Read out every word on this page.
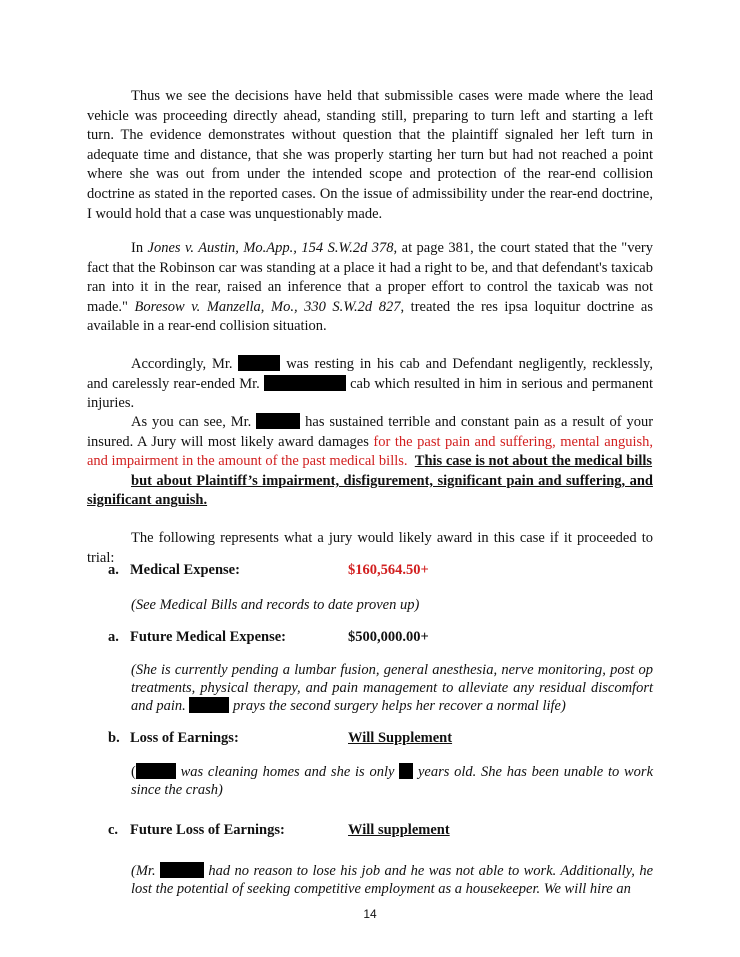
Thus we see the decisions have held that submissible cases were made where the lead vehicle was proceeding directly ahead, standing still, preparing to turn left and starting a left turn. The evidence demonstrates without question that the plaintiff signaled her left turn in adequate time and distance, that she was properly starting her turn but had not reached a point where she was out from under the intended scope and protection of the rear-end collision doctrine as stated in the reported cases. On the issue of admissibility under the rear-end doctrine, I would hold that a case was unquestionably made.

In Jones v. Austin, Mo.App., 154 S.W.2d 378, at page 381, the court stated that the "very fact that the Robinson car was standing at a place it had a right to be, and that defendant's taxicab ran into it in the rear, raised an inference that a proper effort to control the taxicab was not made." Boresow v. Manzella, Mo., 330 S.W.2d 827, treated the res ipsa loquitur doctrine as available in a rear-end collision situation.

Accordingly, Mr.	was resting in his cab and Defendant negligently, recklessly, and carelessly rear-ended Mr.	cab which resulted in him in serious and permanent injuries.

As you can see, Mr.	has sustained terrible and constant pain as a result of your insured. A Jury will most likely award damages for the past pain and suffering, mental anguish, and impairment in the amount of the past medical bills. This case is not about the medical bills
but about Plaintiff’s impairment, disfigurement, significant pain and suffering, and
significant anguish.

The following represents what a jury would likely award in this case if it proceeded to trial:

a. Medical Expense:	$160,564.50+

(See Medical Bills and records to date proven up)

a. Future Medical Expense:	$500,000.00+

(She is currently pending a lumbar fusion, general anesthesia, nerve monitoring, post op treatments, physical therapy, and pain management to alleviate any residual discomfort and pain.	prays the second surgery helps her recover a normal life)

b. Loss of Earnings:	Will Supplement

(	was cleaning homes and she is only years old. She has been unable to work since the crash)

c. Future Loss of Earnings:	Will supplement

(Mr.	had no reason to lose his job and he was not able to work. Additionally, he lost the potential of seeking competitive employment as a housekeeper. We will hire an

14
